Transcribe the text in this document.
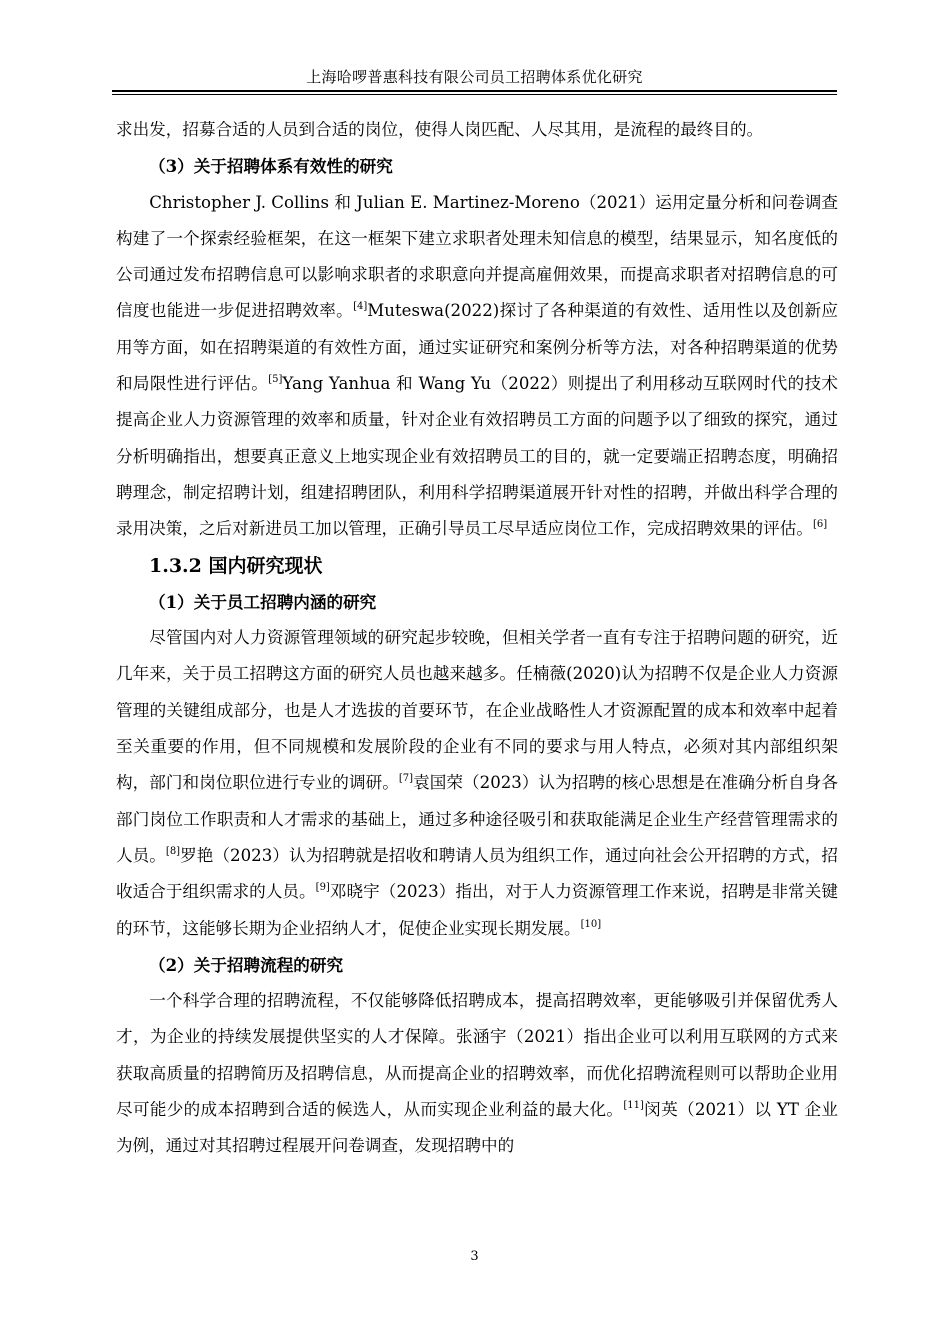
上海哈啰普惠科技有限公司员工招聘体系优化研究

求出发，招募合适的人员到合适的岗位，使得人岗匹配、人尽其用，是流程的最终目的。

（3）关于招聘体系有效性的研究

Christopher J. Collins 和 Julian E. Martinez-Moreno（2021）运用定量分析和问卷调查构建了一个探索经验框架，在这一框架下建立求职者处理未知信息的模型，结果显示，知名度低的公司通过发布招聘信息可以影响求职者的求职意向并提高雇佣效果，而提高求职者对招聘信息的可信度也能进一步促进招聘效率。[4]Muteswa(2022)探讨了各种渠道的有效性、适用性以及创新应用等方面，如在招聘渠道的有效性方面，通过实证研究和案例分析等方法，对各种招聘渠道的优势和局限性进行评估。[5]Yang Yanhua 和 Wang Yu（2022）则提出了利用移动互联网时代的技术提高企业人力资源管理的效率和质量，针对企业有效招聘员工方面的问题予以了细致的探究，通过分析明确指出，想要真正意义上地实现企业有效招聘员工的目的，就一定要端正招聘态度，明确招聘理念，制定招聘计划，组建招聘团队，利用科学招聘渠道展开针对性的招聘，并做出科学合理的录用决策，之后对新进员工加以管理，正确引导员工尽早适应岗位工作，完成招聘效果的评估。[6]

1.3.2 国内研究现状

（1）关于员工招聘内涵的研究

尽管国内对人力资源管理领域的研究起步较晚，但相关学者一直有专注于招聘问题的研究，近几年来，关于员工招聘这方面的研究人员也越来越多。任楠薇(2020)认为招聘不仅是企业人力资源管理的关键组成部分，也是人才选拔的首要环节，在企业战略性人才资源配置的成本和效率中起着至关重要的作用，但不同规模和发展阶段的企业有不同的要求与用人特点，必须对其内部组织架构，部门和岗位职位进行专业的调研。[7]袁国荣（2023）认为招聘的核心思想是在准确分析自身各部门岗位工作职责和人才需求的基础上，通过多种途径吸引和获取能满足企业生产经营管理需求的人员。[8]罗艳（2023）认为招聘就是招收和聘请人员为组织工作，通过向社会公开招聘的方式，招收适合于组织需求的人员。[9]邓晓宇（2023）指出，对于人力资源管理工作来说，招聘是非常关键的环节，这能够长期为企业招纳人才，促使企业实现长期发展。[10]

（2）关于招聘流程的研究

一个科学合理的招聘流程，不仅能够降低招聘成本，提高招聘效率，更能够吸引并保留优秀人才，为企业的持续发展提供坚实的人才保障。张涵宇（2021）指出企业可以利用互联网的方式来获取高质量的招聘简历及招聘信息，从而提高企业的招聘效率，而优化招聘流程则可以帮助企业用尽可能少的成本招聘到合适的候选人，从而实现企业利益的最大化。[11]闵英（2021）以 YT 企业为例，通过对其招聘过程展开问卷调查，发现招聘中的

3
